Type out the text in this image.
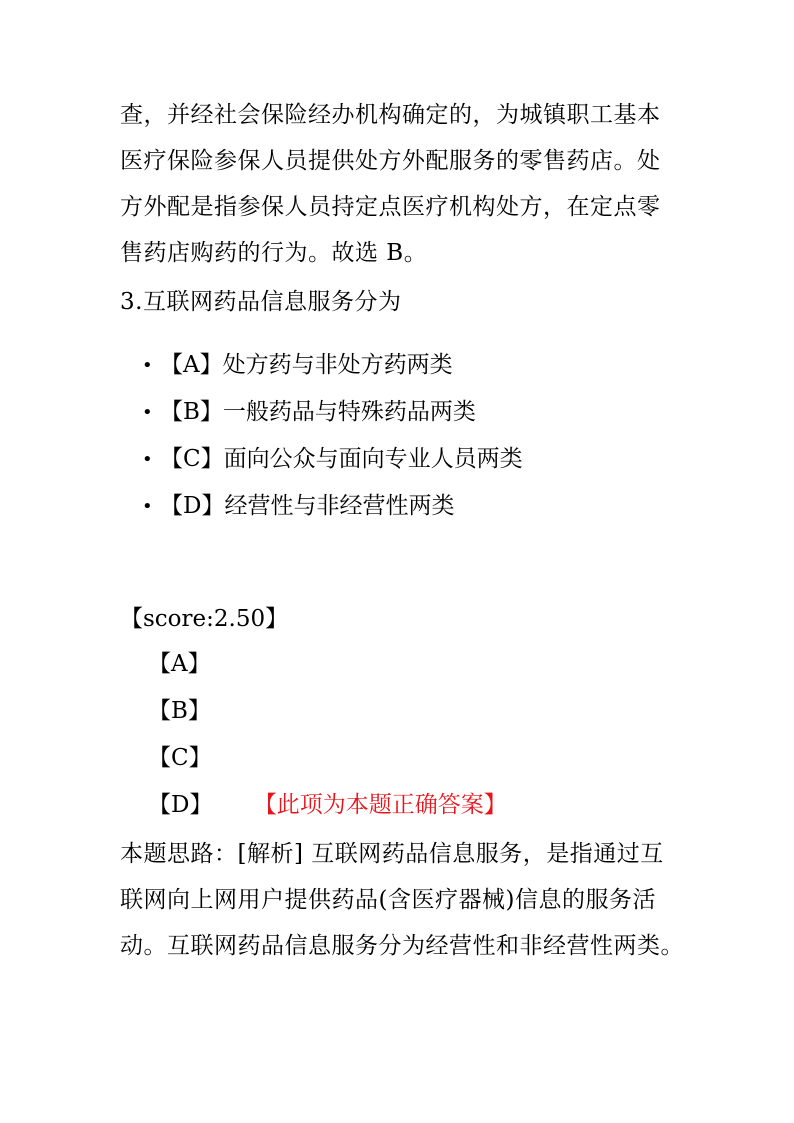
查，并经社会保险经办机构确定的，为城镇职工基本医疗保险参保人员提供处方外配服务的零售药店。处方外配是指参保人员持定点医疗机构处方，在定点零售药店购药的行为。故选 B。

3.互联网药品信息服务分为

• 【A】处方药与非处方药两类
• 【B】一般药品与特殊药品两类
• 【C】面向公众与面向专业人员两类
• 【D】经营性与非经营性两类

【score:2.50】

【A】
【B】
【C】
【D】 【此项为本题正确答案】

本题思路：[解析] 互联网药品信息服务，是指通过互联网向上网用户提供药品(含医疗器械)信息的服务活动。互联网药品信息服务分为经营性和非经营性两类。
